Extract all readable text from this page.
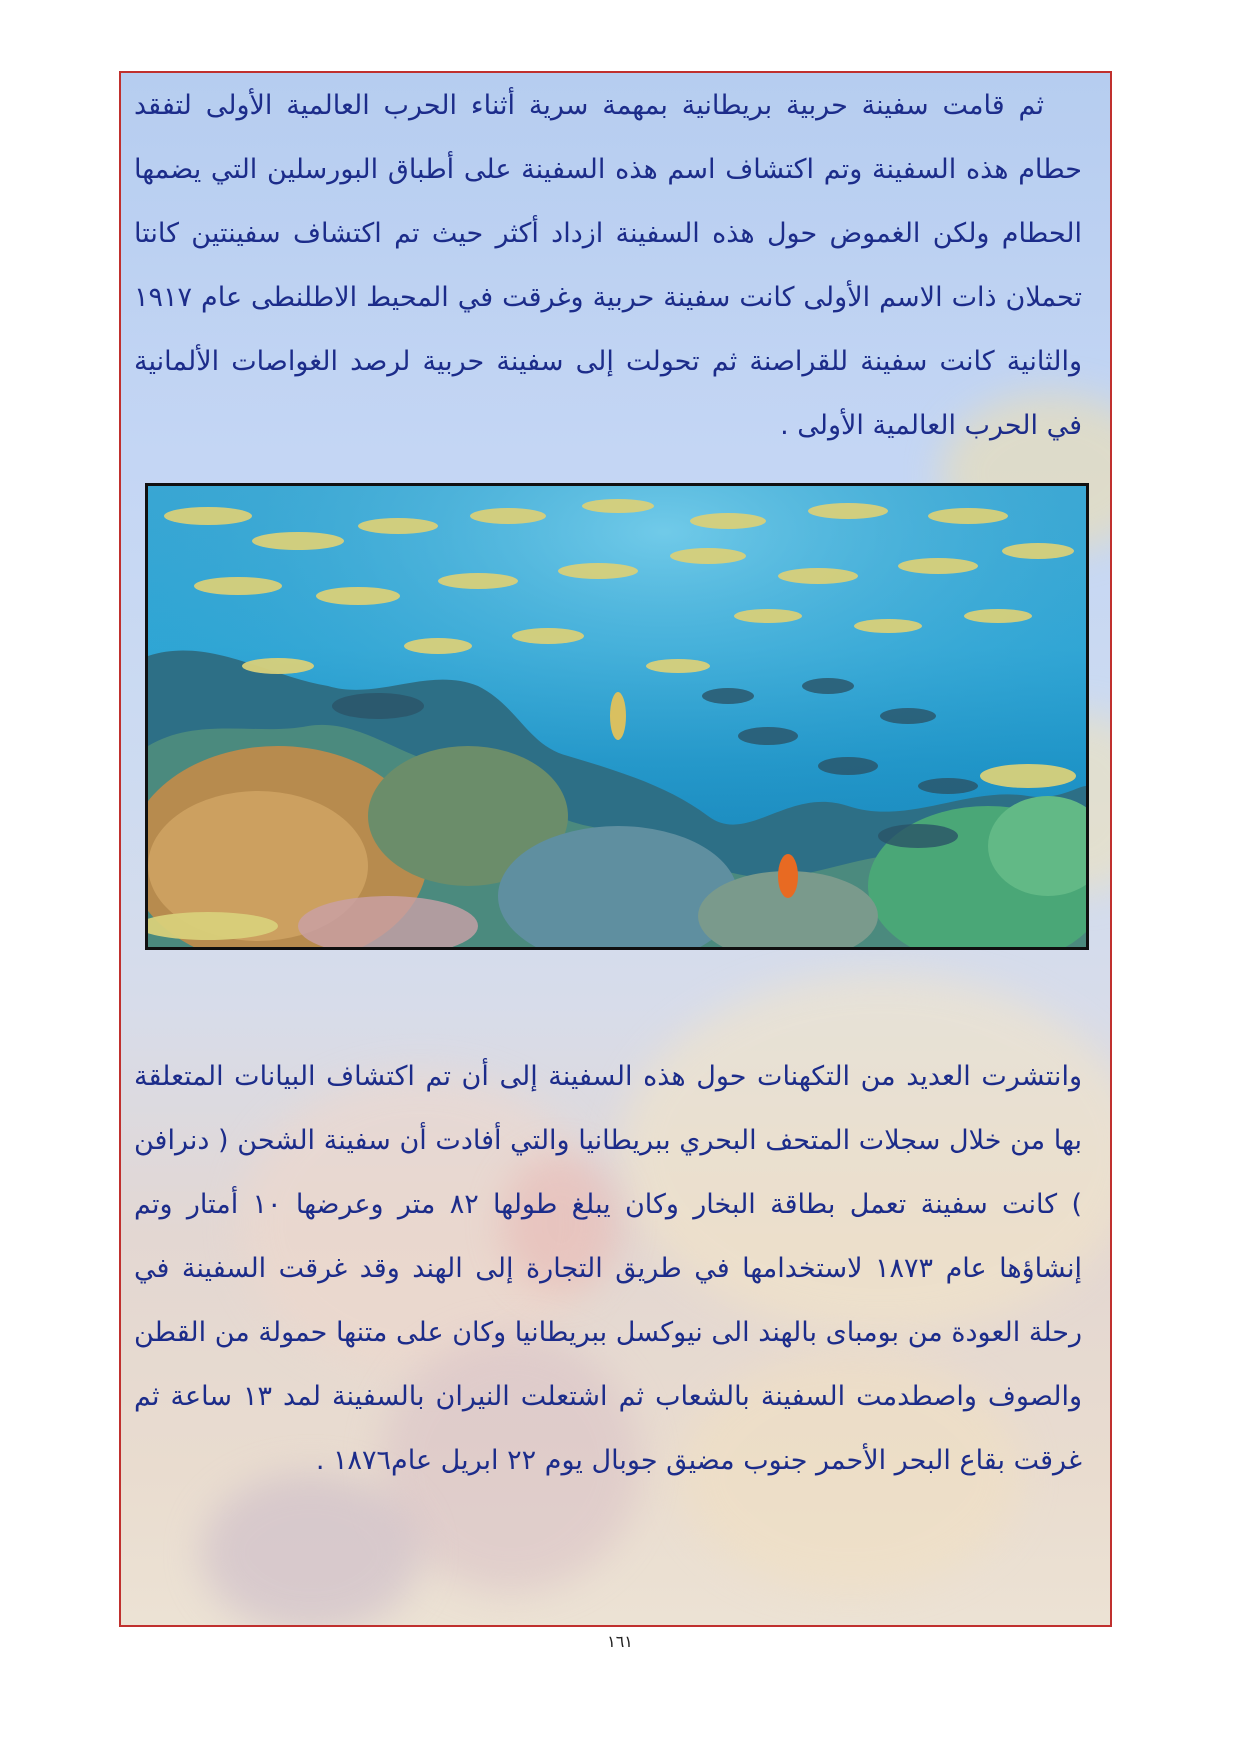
ثم قامت سفينة حربية بريطانية بمهمة سرية أثناء الحرب العالمية الأولى لتفقد حطام هذه السفينة وتم اكتشاف اسم هذه السفينة على أطباق البورسلين التي يضمها الحطام ولكن الغموض حول هذه السفينة ازداد أكثر حيث تم اكتشاف سفينتين كانتا تحملان ذات الاسم الأولى كانت سفينة حربية وغرقت في المحيط الاطلنطى عام ١٩١٧ والثانية كانت سفينة للقراصنة ثم تحولت إلى سفينة حربية لرصد الغواصات الألمانية في الحرب العالمية الأولى .
وانتشرت العديد من التكهنات حول هذه السفينة إلى أن تم اكتشاف البيانات المتعلقة بها من خلال سجلات المتحف البحري ببريطانيا والتي أفادت أن سفينة الشحن ( دنرافن ) كانت سفينة تعمل بطاقة البخار وكان يبلغ طولها ٨٢ متر وعرضها ١٠ أمتار وتم إنشاؤها عام ١٨٧٣ لاستخدامها في طريق التجارة إلى الهند وقد غرقت السفينة في رحلة العودة من بومباى بالهند الى نيوكسل ببريطانيا وكان على متنها حمولة من القطن والصوف واصطدمت السفينة بالشعاب ثم اشتعلت النيران بالسفينة لمد ١٣ ساعة ثم غرقت بقاع البحر الأحمر جنوب مضيق جوبال يوم ٢٢ ابريل عام١٨٧٦ .
١٦١
